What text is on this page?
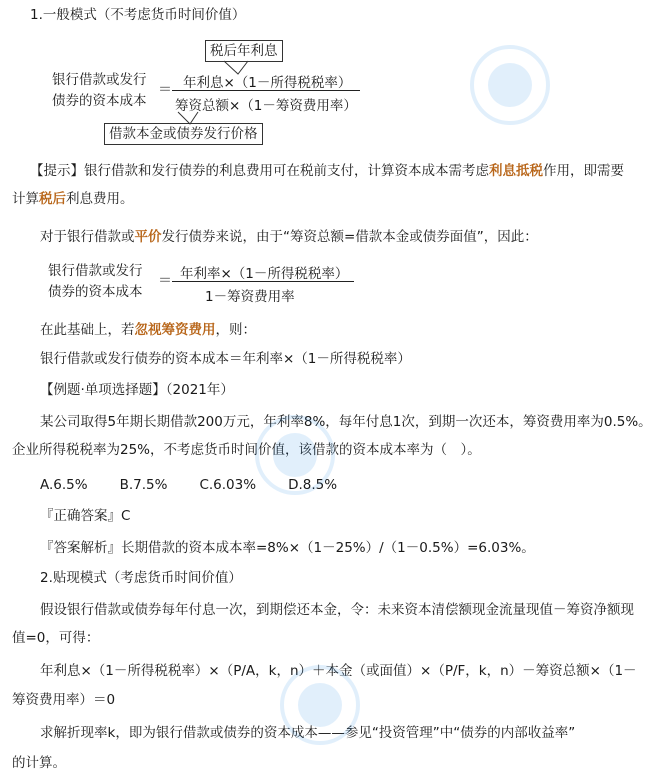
1.一般模式（不考虑货币时间价值）
税后年利息
银行借款或发行
债券的资本成本
＝ 年利息×（1－所得税税率）
筹资总额×（1－筹资费用率）
借款本金或债券发行价格
【提示】银行借款和发行债券的利息费用可在税前支付，计算资本成本需考虑利息抵税作用，即需要
计算税后利息费用。
对于银行借款或平价发行债券来说，由于“筹资总额=借款本金或债券面值”，因此：
银行借款或发行
债券的资本成本
＝ 年利率×（1－所得税税率）
1－筹资费用率
在此基础上，若忽视筹资费用，则：
银行借款或发行债券的资本成本＝年利率×（1－所得税税率）
【例题·单项选择题】（2021年）
某公司取得5年期长期借款200万元，年利率8%，每年付息1次，到期一次还本，筹资费用率为0.5%。
企业所得税税率为25%，不考虑货币时间价值，该借款的资本成本率为（　）。
A.6.5% B.7.5% C.6.03% D.8.5%
『正确答案』C
『答案解析』长期借款的资本成本率=8%×（1－25%）/（1－0.5%）=6.03%。
2.贴现模式（考虑货币时间价值）
假设银行借款或债券每年付息一次，到期偿还本金，令：未来资本清偿额现金流量现值－筹资净额现
值=0，可得：
年利息×（1－所得税税率）×（P/A，k，n）＋本金（或面值）×（P/F，k，n）－筹资总额×（1－
筹资费用率）＝0
求解折现率k，即为银行借款或债券的资本成本——参见“投资管理”中“债券的内部收益率”
的计算。
